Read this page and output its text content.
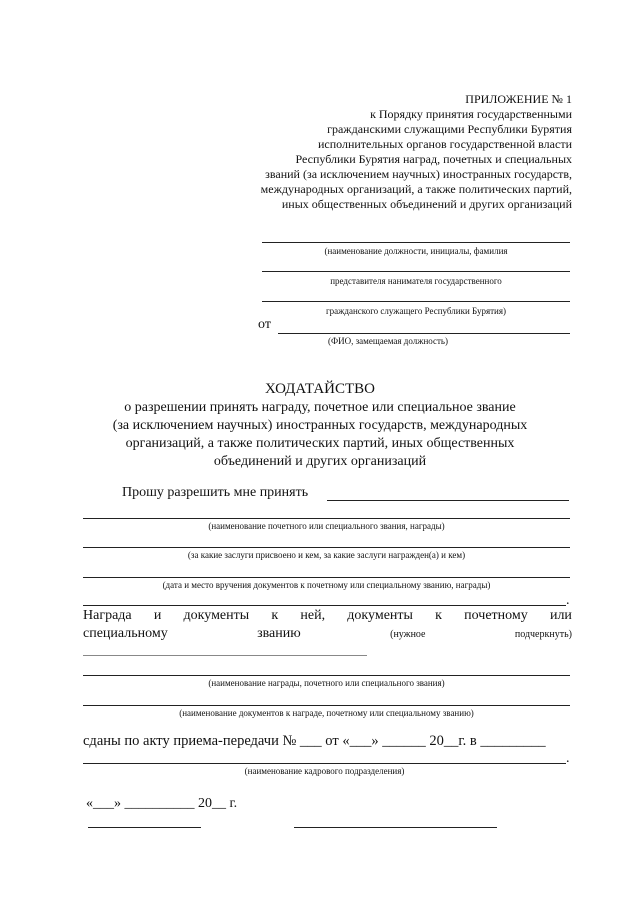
ПРИЛОЖЕНИЕ № 1
к Порядку принятия государственными
гражданскими служащими Республики Бурятия
исполнительных органов государственной власти
Республики Бурятия наград, почетных и специальных
званий (за исключением научных) иностранных государств,
международных организаций, а также политических партий,
иных общественных объединений и других организаций
(наименование должности, инициалы, фамилия
представителя нанимателя государственного
гражданского служащего Республики Бурятия)
от
(ФИО, замещаемая должность)
ХОДАТАЙСТВО
о разрешении принять награду, почетное или специальное звание
(за исключением научных) иностранных государств, международных
организаций, а также политических партий, иных общественных
объединений и других организаций
Прошу разрешить мне принять
(наименование почетного или специального звания, награды)
(за какие заслуги присвоено и кем, за какие заслуги награжден(а) и кем)
(дата и место вручения документов к почетному или специальному званию, награды)
.
Награда и документы к ней, документы к почетному или
специальному	званию	(нужное	подчеркнуть)
(наименование награды, почетного или специального звания)
(наименование документов к награде, почетному или специальному званию)
сданы по акту приема-передачи № ___ от «___» ______ 20__г. в _________
.
(наименование кадрового подразделения)
«___» __________ 20__ г.
